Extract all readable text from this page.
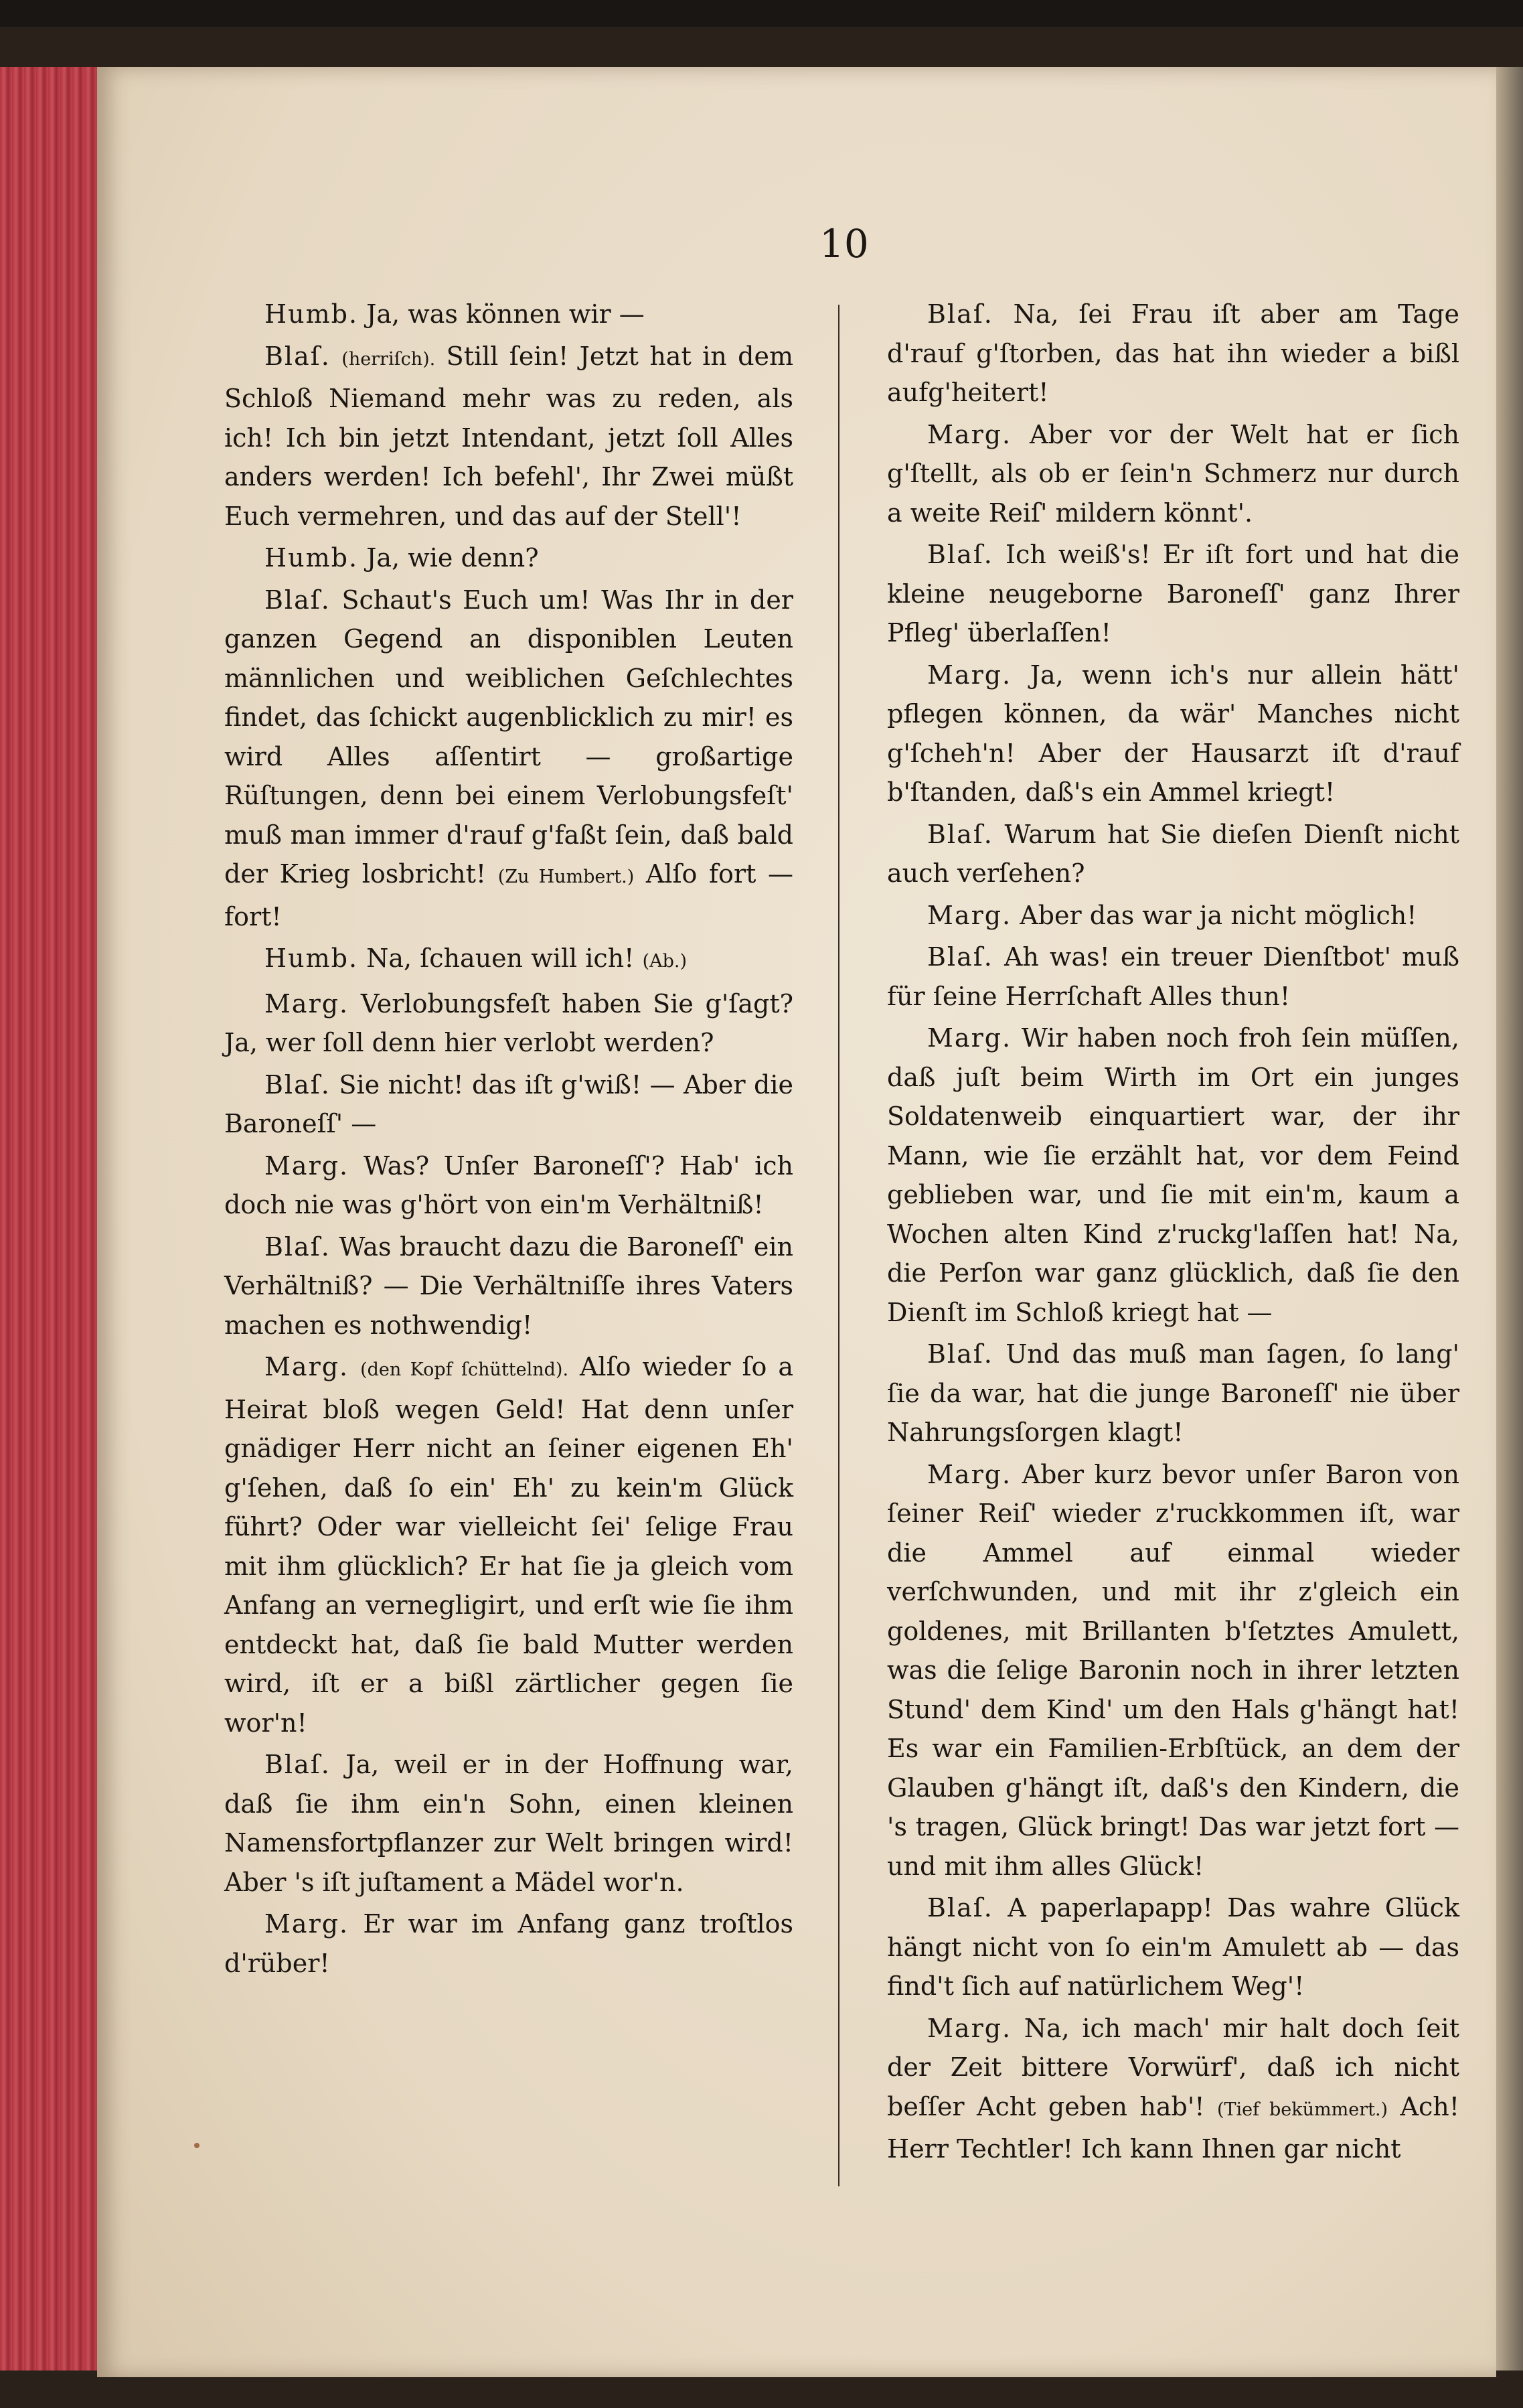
10

Humb. Ja, was können wir —

Blaſ. (herriſch). Still ſein! Jetzt hat in dem Schloß Niemand mehr was zu reden, als ich! Ich bin jetzt Intendant, jetzt ſoll Alles anders werden! Ich befehl', Ihr Zwei müßt Euch vermehren, und das auf der Stell'!

Humb. Ja, wie denn?

Blaſ. Schaut's Euch um! Was Ihr in der ganzen Gegend an disponiblen Leuten männlichen und weiblichen Geſchlechtes findet, das ſchickt augenblicklich zu mir! es wird Alles aſſentirt — großartige Rüſtungen, denn bei einem Verlobungsfeſt' muß man immer d'rauf g'faßt ſein, daß bald der Krieg losbricht! (Zu Humbert.) Alſo fort — fort!

Humb. Na, ſchauen will ich! (Ab.)

Marg. Verlobungsfeſt haben Sie g'ſagt? Ja, wer ſoll denn hier verlobt werden?

Blaſ. Sie nicht! das iſt g'wiß! — Aber die Baroneſſ' —

Marg. Was? Unſer Baroneſſ'? Hab' ich doch nie was g'hört von ein'm Verhältniß!

Blaſ. Was braucht dazu die Baroneſſ' ein Verhältniß? — Die Verhältniſſe ihres Vaters machen es nothwendig!

Marg. (den Kopf ſchüttelnd). Alſo wieder ſo a Heirat bloß wegen Geld! Hat denn unſer gnädiger Herr nicht an ſeiner eigenen Eh' g'ſehen, daß ſo ein' Eh' zu kein'm Glück führt? Oder war vielleicht ſei' ſelige Frau mit ihm glücklich? Er hat ſie ja gleich vom Anfang an vernegligirt, und erſt wie ſie ihm entdeckt hat, daß ſie bald Mutter werden wird, iſt er a bißl zärtlicher gegen ſie wor'n!

Blaſ. Ja, weil er in der Hoffnung war, daß ſie ihm ein'n Sohn, einen kleinen Namensfortpflanzer zur Welt bringen wird! Aber 's iſt juſtament a Mädel wor'n.

Marg. Er war im Anfang ganz troſtlos d'rüber!

Blaſ. Na, ſei Frau iſt aber am Tage d'rauf g'ſtorben, das hat ihn wieder a bißl aufg'heitert!

Marg. Aber vor der Welt hat er ſich g'ſtellt, als ob er ſein'n Schmerz nur durch a weite Reiſ' mildern könnt'.

Blaſ. Ich weiß's! Er iſt fort und hat die kleine neugeborne Baroneſſ' ganz Ihrer Pfleg' überlaſſen!

Marg. Ja, wenn ich's nur allein hätt' pflegen können, da wär' Manches nicht g'ſcheh'n! Aber der Hausarzt iſt d'rauf b'ſtanden, daß's ein Ammel kriegt!

Blaſ. Warum hat Sie dieſen Dienſt nicht auch verſehen?

Marg. Aber das war ja nicht möglich!

Blaſ. Ah was! ein treuer Dienſtbot' muß für ſeine Herrſchaft Alles thun!

Marg. Wir haben noch froh ſein müſſen, daß juſt beim Wirth im Ort ein junges Soldatenweib einquartiert war, der ihr Mann, wie ſie erzählt hat, vor dem Feind geblieben war, und ſie mit ein'm, kaum a Wochen alten Kind z'ruckg'laſſen hat! Na, die Perſon war ganz glücklich, daß ſie den Dienſt im Schloß kriegt hat —

Blaſ. Und das muß man ſagen, ſo lang' ſie da war, hat die junge Baroneſſ' nie über Nahrungsſorgen klagt!

Marg. Aber kurz bevor unſer Baron von ſeiner Reiſ' wieder z'ruckkommen iſt, war die Ammel auf einmal wieder verſchwunden, und mit ihr z'gleich ein goldenes, mit Brillanten b'ſetztes Amulett, was die ſelige Baronin noch in ihrer letzten Stund' dem Kind' um den Hals g'hängt hat! Es war ein Familien-Erbſtück, an dem der Glauben g'hängt iſt, daß's den Kindern, die 's tragen, Glück bringt! Das war jetzt fort — und mit ihm alles Glück!

Blaſ. A paperlapapp! Das wahre Glück hängt nicht von ſo ein'm Amulett ab — das find't ſich auf natürlichem Weg'!

Marg. Na, ich mach' mir halt doch ſeit der Zeit bittere Vorwürf', daß ich nicht beſſer Acht geben hab'! (Tief bekümmert.) Ach! Herr Techtler! Ich kann Ihnen gar nicht
